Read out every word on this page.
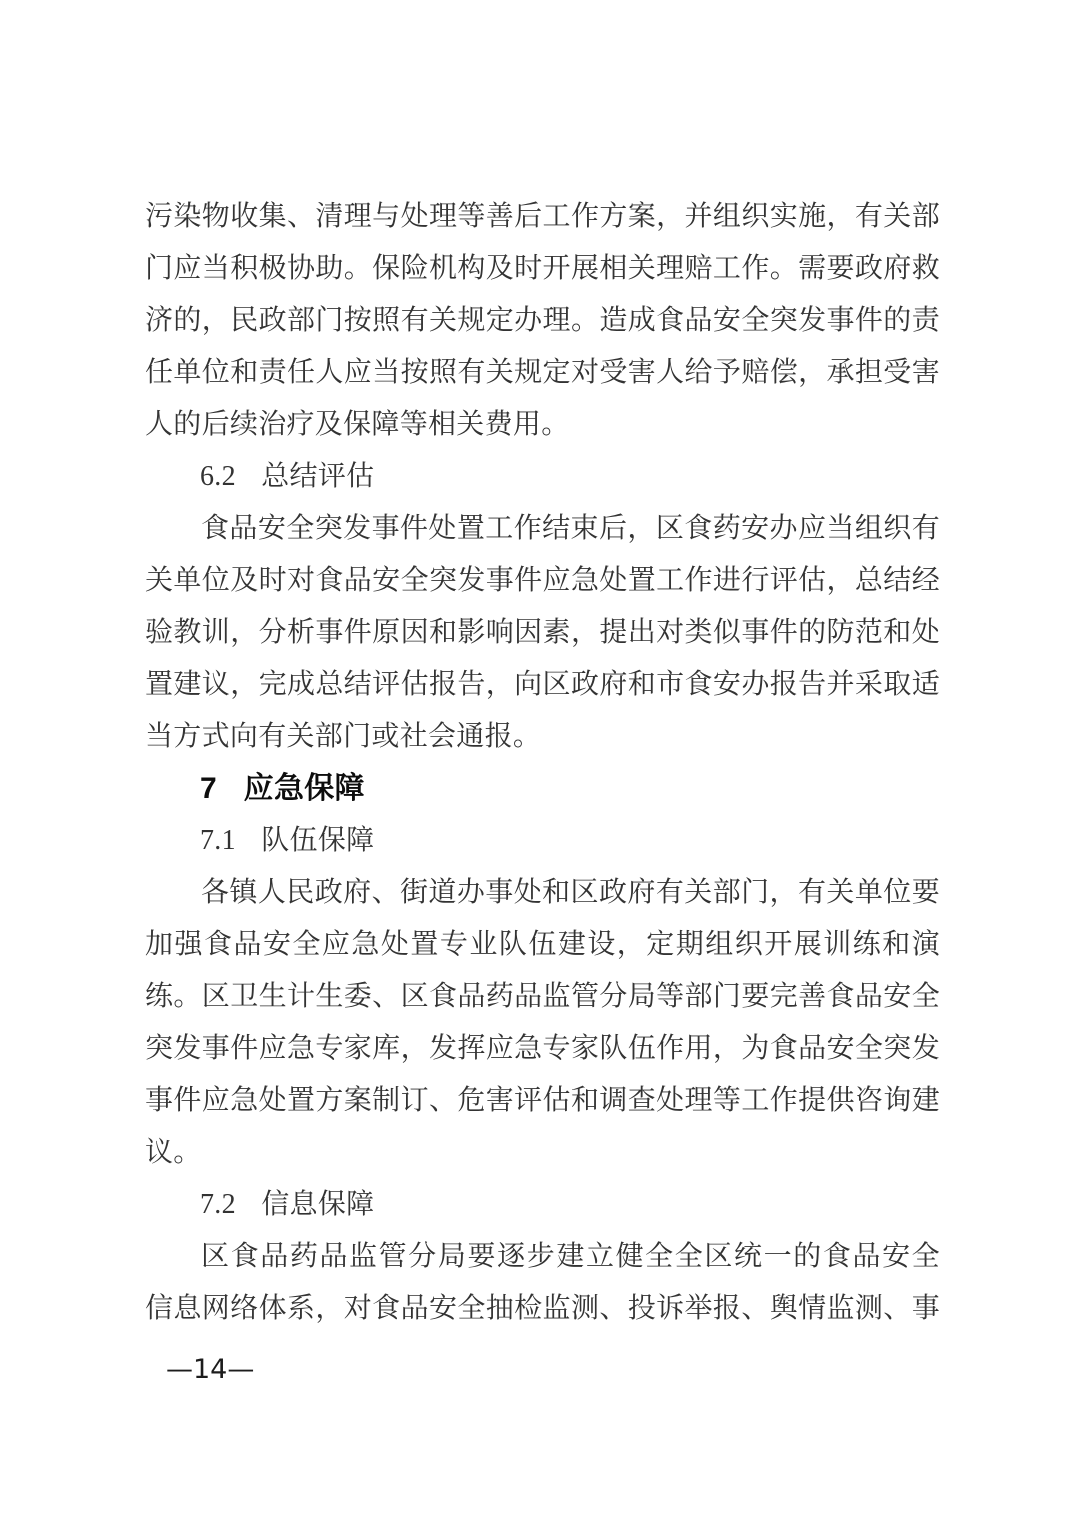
污染物收集、清理与处理等善后工作方案，并组织实施，有关部
门应当积极协助。保险机构及时开展相关理赔工作。需要政府救
济的，民政部门按照有关规定办理。造成食品安全突发事件的责
任单位和责任人应当按照有关规定对受害人给予赔偿，承担受害
人的后续治疗及保障等相关费用。
6.2 总结评估
食品安全突发事件处置工作结束后，区食药安办应当组织有
关单位及时对食品安全突发事件应急处置工作进行评估，总结经
验教训，分析事件原因和影响因素，提出对类似事件的防范和处
置建议，完成总结评估报告，向区政府和市食安办报告并采取适
当方式向有关部门或社会通报。
7 应急保障
7.1 队伍保障
各镇人民政府、街道办事处和区政府有关部门，有关单位要
加强食品安全应急处置专业队伍建设，定期组织开展训练和演
练。区卫生计生委、区食品药品监管分局等部门要完善食品安全
突发事件应急专家库，发挥应急专家队伍作用，为食品安全突发
事件应急处置方案制订、危害评估和调查处理等工作提供咨询建
议。
7.2 信息保障
区食品药品监管分局要逐步建立健全全区统一的食品安全
信息网络体系，对食品安全抽检监测、投诉举报、舆情监测、事
—14—
